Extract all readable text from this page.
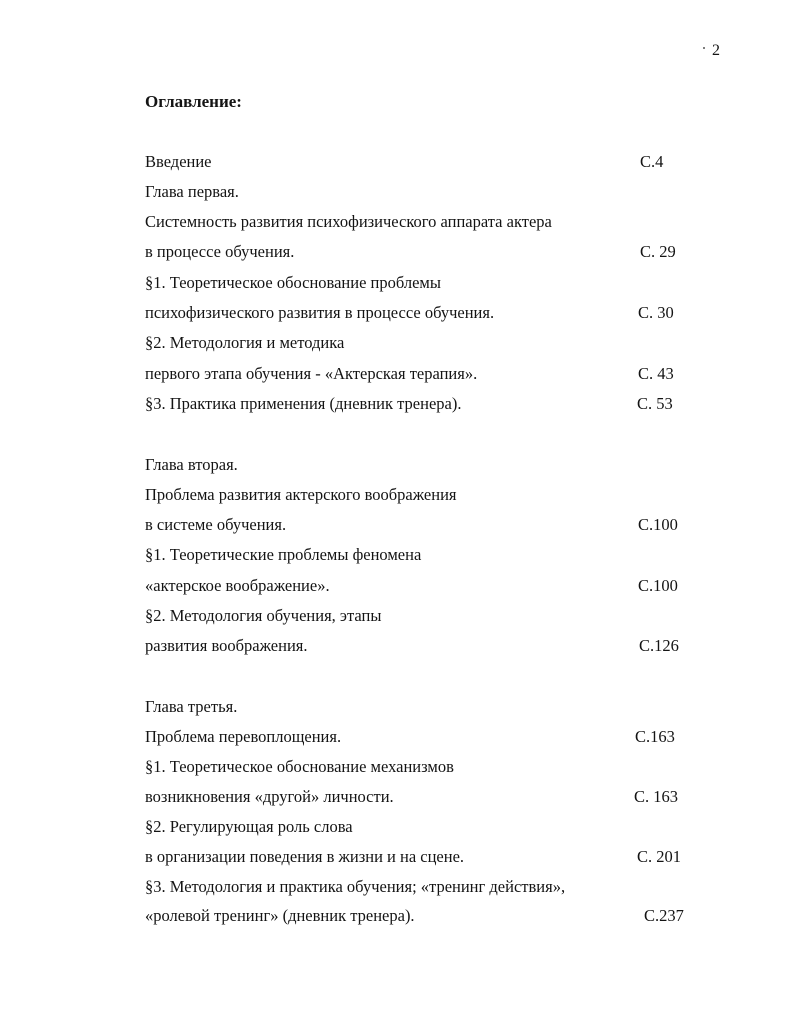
2
Оглавление:
Введение	С.4
Глава первая.
Системность развития психофизического аппарата актера
в процессе обучения.	С. 29
§1. Теоретическое обоснование проблемы
психофизического развития в процессе обучения.	С. 30
§2. Методология и методика
первого этапа обучения - «Актерская терапия».	С. 43
§3. Практика применения (дневник тренера).	С. 53
Глава вторая.
Проблема развития актерского воображения
в системе обучения.	С.100
§1. Теоретические проблемы феномена
«актерское воображение».	С.100
§2. Методология обучения, этапы
развития воображения.	С.126
Глава третья.
Проблема перевоплощения.	С.163
§1. Теоретическое обоснование механизмов
возникновения «другой» личности.	С. 163
§2. Регулирующая роль слова
в организации поведения в жизни и на сцене.	С. 201
§3. Методология и практика обучения; «тренинг действия»,
«ролевой тренинг» (дневник тренера).	С.237
